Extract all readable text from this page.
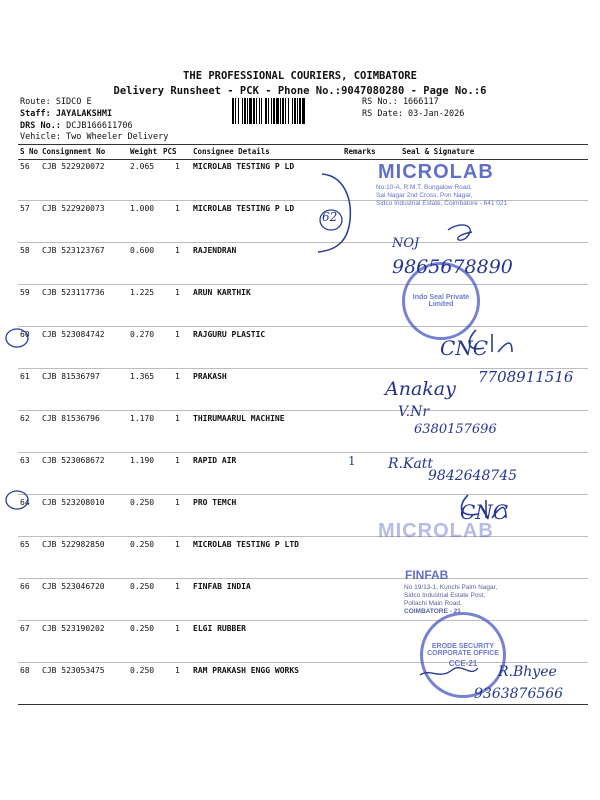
THE PROFESSIONAL COURIERS, COIMBATORE
Delivery Runsheet - PCK - Phone No.:9047080280 - Page No.:6
Route: SIDCO E
Staff: JAYALAKSHMI
DRS No.: DCJB166611706
Vehicle: Two Wheeler Delivery
RS No.: 1666117
RS Date: 03-Jan-2026
S No Consignment No	Weight PCS Consignee Details	Remarks	Seal & Signature
56 CJB 522920072	2.065	1 MICROLAB TESTING P LD
57 CJB 522920073	1.000	1 MICROLAB TESTING P LD
58 CJB 523123767	0.600	1 RAJENDRAN
59 CJB 523117736	1.225	1 ARUN KARTHIK
60 CJB 523084742	0.270	1 RAJGURU PLASTIC
61 CJB 81536797	1.365	1 PRAKASH
62 CJB 81536796	1.170	1 THIRUMAARUL MACHINE
63 CJB 523068672	1.190	1 RAPID AIR	1
64 CJB 523208010	0.250	1 PRO TEMCH
65 CJB 522982850	0.250	1 MICROLAB TESTING P LTD
66 CJB 523046720	0.250	1 FINFAB INDIA
67 CJB 523190202	0.250	1 ELGI RUBBER
68 CJB 523053475	0.250	1 RAM PRAKASH ENGG WORKS
MICROLAB
No:10-A, R.M.T. Bungalow Road,
Sai Nagar 2nd Cross, Pon Nagar,
Sidco Industrial Estate, Coimbatore - 641 021
MICROLAB
Indo Seal Private Limited
FINFAB
No 19/13-1, Kunchi Palm Nagar,
Sidco Industrial Estate Post,
Pollachi Main Road,
COIMBATORE - 21
ERODE SECURITY CORPORATE OFFICE
CCE-21
62
NOJ
9865678890
CNC
Anakay
7708911516
V.Nr
6380157696
R.Katt
9842648745
CNC
R.Bhyee
9363876566
